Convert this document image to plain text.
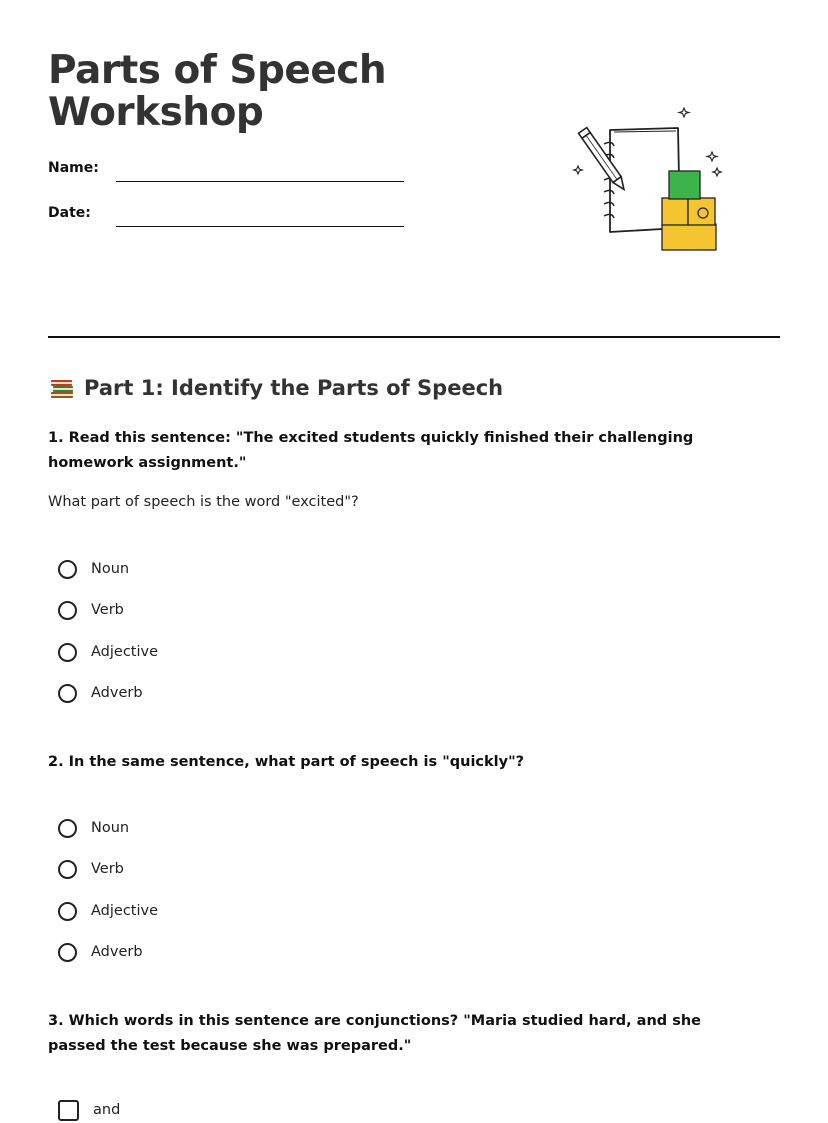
Parts of Speech Workshop
Name:
Date:
Part 1: Identify the Parts of Speech
1. Read this sentence: "The excited students quickly finished their challenging homework assignment."
What part of speech is the word "excited"?
Noun
Verb
Adjective
Adverb
2. In the same sentence, what part of speech is "quickly"?
Noun
Verb
Adjective
Adverb
3. Which words in this sentence are conjunctions? "Maria studied hard, and she passed the test because she was prepared."
and
